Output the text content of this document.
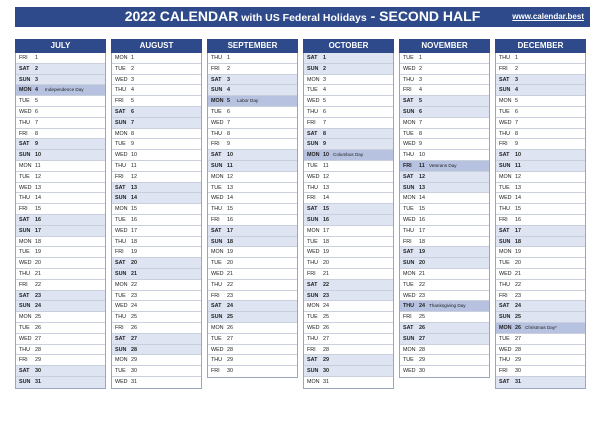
2022 CALENDAR with US Federal Holidays - SECOND HALF	www.calendar.best
JULY
FRI 1
SAT 2
SUN 3
MON 4 Independence Day
TUE 5
WED 6
THU 7
FRI 8
SAT 9
SUN 10
MON 11
TUE 12
WED 13
THU 14
FRI 15
SAT 16
SUN 17
MON 18
TUE 19
WED 20
THU 21
FRI 22
SAT 23
SUN 24
MON 25
TUE 26
WED 27
THU 28
FRI 29
SAT 30
SUN 31
AUGUST
MON 1
TUE 2
WED 3
THU 4
FRI 5
SAT 6
SUN 7
MON 8
TUE 9
WED 10
THU 11
FRI 12
SAT 13
SUN 14
MON 15
TUE 16
WED 17
THU 18
FRI 19
SAT 20
SUN 21
MON 22
TUE 23
WED 24
THU 25
FRI 26
SAT 27
SUN 28
MON 29
TUE 30
WED 31
SEPTEMBER
THU 1
FRI 2
SAT 3
SUN 4
MON 5 Labor Day
TUE 6
WED 7
THU 8
FRI 9
SAT 10
SUN 11
MON 12
TUE 13
WED 14
THU 15
FRI 16
SAT 17
SUN 18
MON 19
TUE 20
WED 21
THU 22
FRI 23
SAT 24
SUN 25
MON 26
TUE 27
WED 28
THU 29
FRI 30
OCTOBER
SAT 1
SUN 2
MON 3
TUE 4
WED 5
THU 6
FRI 7
SAT 8
SUN 9
MON 10 Columbus Day
TUE 11
WED 12
THU 13
FRI 14
SAT 15
SUN 16
MON 17
TUE 18
WED 19
THU 20
FRI 21
SAT 22
SUN 23
MON 24
TUE 25
WED 26
THU 27
FRI 28
SAT 29
SUN 30
MON 31
NOVEMBER
TUE 1
WED 2
THU 3
FRI 4
SAT 5
SUN 6
MON 7
TUE 8
WED 9
THU 10
FRI 11 Veterans Day
SAT 12
SUN 13
MON 14
TUE 15
WED 16
THU 17
FRI 18
SAT 19
SUN 20
MON 21
TUE 22
WED 23
THU 24 Thanksgiving Day
FRI 25
SAT 26
SUN 27
MON 28
TUE 29
WED 30
DECEMBER
THU 1
FRI 2
SAT 3
SUN 4
MON 5
TUE 6
WED 7
THU 8
FRI 9
SAT 10
SUN 11
MON 12
TUE 13
WED 14
THU 15
FRI 16
SAT 17
SUN 18
MON 19
TUE 20
WED 21
THU 22
FRI 23
SAT 24
SUN 25
MON 26 Christmas Day*
TUE 27
WED 28
THU 29
FRI 30
SAT 31
